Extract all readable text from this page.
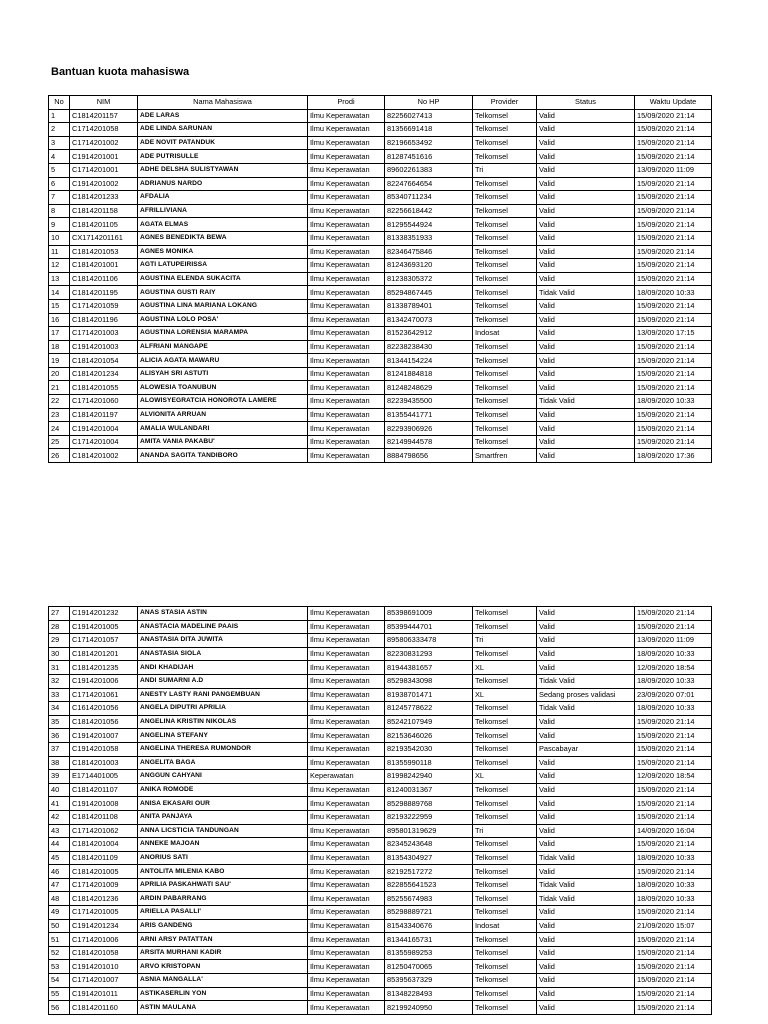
Bantuan kuota mahasiswa
No	NIM	Nama Mahasiswa	Prodi	No HP	Provider	Status	Waktu Update
1	C1814201157	ADE LARAS	Ilmu Keperawatan	82256027413	Telkomsel	Valid	15/09/2020 21:14
2	C1714201058	ADE LINDA SARUNAN	Ilmu Keperawatan	81356691418	Telkomsel	Valid	15/09/2020 21:14
3	C1714201002	ADE NOVIT PATANDUK	Ilmu Keperawatan	82196653492	Telkomsel	Valid	15/09/2020 21:14
4	C1914201001	ADE PUTRISULLE	Ilmu Keperawatan	81287451616	Telkomsel	Valid	15/09/2020 21:14
5	C1714201001	ADHE DELSHA SULISTYAWAN	Ilmu Keperawatan	89602261383	Tri	Valid	13/09/2020 11:09
6	C1914201002	ADRIANUS NARDO	Ilmu Keperawatan	82247664654	Telkomsel	Valid	15/09/2020 21:14
7	C1814201233	AFDALIA	Ilmu Keperawatan	85340711234	Telkomsel	Valid	15/09/2020 21:14
8	C1814201158	AFRILLIVIANA	Ilmu Keperawatan	82256618442	Telkomsel	Valid	15/09/2020 21:14
9	C1814201105	AGATA ELMAS	Ilmu Keperawatan	81295544924	Telkomsel	Valid	15/09/2020 21:14
10	CX1714201161	AGNES BENEDIKTA BEWA	Ilmu Keperawatan	81338351933	Telkomsel	Valid	15/09/2020 21:14
11	C1814201053	AGNES MONIKA	Ilmu Keperawatan	82346475846	Telkomsel	Valid	15/09/2020 21:14
12	C1814201001	AGTI LATUPEIRISSA	Ilmu Keperawatan	81243693120	Telkomsel	Valid	15/09/2020 21:14
13	C1814201106	AGUSTINA ELENDA SUKACITA	Ilmu Keperawatan	81238305372	Telkomsel	Valid	15/09/2020 21:14
14	C1814201195	AGUSTINA GUSTI RAIY	Ilmu Keperawatan	85294867445	Telkomsel	Tidak Valid	18/09/2020 10:33
15	C1714201059	AGUSTINA LINA MARIANA LOKANG	Ilmu Keperawatan	81338789401	Telkomsel	Valid	15/09/2020 21:14
16	C1814201196	AGUSTINA LOLO POSA'	Ilmu Keperawatan	81342470073	Telkomsel	Valid	15/09/2020 21:14
17	C1714201003	AGUSTINA LORENSIA MARAMPA	Ilmu Keperawatan	81523642912	Indosat	Valid	13/09/2020 17:15
18	C1914201003	ALFRIANI MANGAPE	Ilmu Keperawatan	82238238430	Telkomsel	Valid	15/09/2020 21:14
19	C1814201054	ALICIA AGATA MAWARU	Ilmu Keperawatan	81344154224	Telkomsel	Valid	15/09/2020 21:14
20	C1814201234	ALISYAH SRI ASTUTI	Ilmu Keperawatan	81241884818	Telkomsel	Valid	15/09/2020 21:14
21	C1814201055	ALOWESIA TOANUBUN	Ilmu Keperawatan	81248248629	Telkomsel	Valid	15/09/2020 21:14
22	C1714201060	ALOWISYEGRATCIA HONOROTA LAMERE	Ilmu Keperawatan	82239435500	Telkomsel	Tidak Valid	18/09/2020 10:33
23	C1814201197	ALVIONITA ARRUAN	Ilmu Keperawatan	81355441771	Telkomsel	Valid	15/09/2020 21:14
24	C1914201004	AMALIA WULANDARI	Ilmu Keperawatan	82293906926	Telkomsel	Valid	15/09/2020 21:14
25	C1714201004	AMITA VANIA PAKABU'	Ilmu Keperawatan	82149944578	Telkomsel	Valid	15/09/2020 21:14
26	C1814201002	ANANDA SAGITA TANDIBORO	Ilmu Keperawatan	8884798656	Smartfren	Valid	18/09/2020 17:36
27	C1914201232	ANAS STASIA ASTIN	Ilmu Keperawatan	85398691009	Telkomsel	Valid	15/09/2020 21:14
28	C1914201005	ANASTACIA MADELINE PAAIS	Ilmu Keperawatan	85399444701	Telkomsel	Valid	15/09/2020 21:14
29	C1714201057	ANASTASIA DITA JUWITA	Ilmu Keperawatan	895806333478	Tri	Valid	13/09/2020 11:09
30	C1814201201	ANASTASIA SIOLA	Ilmu Keperawatan	82230831293	Telkomsel	Valid	18/09/2020 10:33
31	C1814201235	ANDI KHADIJAH	Ilmu Keperawatan	81944381657	XL	Valid	12/09/2020 18:54
32	C1914201006	ANDI SUMARNI A.D	Ilmu Keperawatan	85298343098	Telkomsel	Tidak Valid	18/09/2020 10:33
33	C1714201061	ANESTY LASTY RANI PANGEMBUAN	Ilmu Keperawatan	81938701471	XL	Sedang proses validasi	23/09/2020 07:01
34	C1614201056	ANGELA DIPUTRI APRILIA	Ilmu Keperawatan	81245778622	Telkomsel	Tidak Valid	18/09/2020 10:33
35	C1814201056	ANGELINA KRISTIN NIKOLAS	Ilmu Keperawatan	85242107949	Telkomsel	Valid	15/09/2020 21:14
36	C1914201007	ANGELINA STEFANY	Ilmu Keperawatan	82153646026	Telkomsel	Valid	15/09/2020 21:14
37	C1914201058	ANGELINA THERESA RUMONDOR	Ilmu Keperawatan	82193542030	Telkomsel	Pascabayar	15/09/2020 21:14
38	C1814201003	ANGELITA BAGA	Ilmu Keperawatan	81355990118	Telkomsel	Valid	15/09/2020 21:14
39	E1714401005	ANGGUN CAHYANI	Keperawatan	81998242940	XL	Valid	12/09/2020 18:54
40	C1814201107	ANIKA ROMODE	Ilmu Keperawatan	81240031367	Telkomsel	Valid	15/09/2020 21:14
41	C1914201008	ANISA EKASARI OUR	Ilmu Keperawatan	85298889768	Telkomsel	Valid	15/09/2020 21:14
42	C1814201108	ANITA PANJAYA	Ilmu Keperawatan	82193222959	Telkomsel	Valid	15/09/2020 21:14
43	C1714201062	ANNA LICSTICIA TANDUNGAN	Ilmu Keperawatan	895801319629	Tri	Valid	14/09/2020 16:04
44	C1814201004	ANNEKE MAJOAN	Ilmu Keperawatan	82345243648	Telkomsel	Valid	15/09/2020 21:14
45	C1814201109	ANORIUS SATI	Ilmu Keperawatan	81354304927	Telkomsel	Tidak Valid	18/09/2020 10:33
46	C1814201005	ANTOLITA MILENIA KABO	Ilmu Keperawatan	82192517272	Telkomsel	Valid	15/09/2020 21:14
47	C1714201009	APRILIA PASKAHWATI SAU'	Ilmu Keperawatan	822855641523	Telkomsel	Tidak Valid	18/09/2020 10:33
48	C1814201236	ARDIN PABARRANG	Ilmu Keperawatan	85255674983	Telkomsel	Tidak Valid	18/09/2020 10:33
49	C1714201005	ARIELLA PASALLI'	Ilmu Keperawatan	85298889721	Telkomsel	Valid	15/09/2020 21:14
50	C1914201234	ARIS GANDENG	Ilmu Keperawatan	81543340676	Indosat	Valid	21/09/2020 15:07
51	C1714201006	ARNI ARSY PATATTAN	Ilmu Keperawatan	81344165731	Telkomsel	Valid	15/09/2020 21:14
52	C1814201058	ARSITA MURHANI KADIR	Ilmu Keperawatan	81355989253	Telkomsel	Valid	15/09/2020 21:14
53	C1914201010	ARVO KRISTOPAN	Ilmu Keperawatan	81250470065	Telkomsel	Valid	15/09/2020 21:14
54	C1714201007	ASNIA MANGALLA'	Ilmu Keperawatan	85395637329	Telkomsel	Valid	15/09/2020 21:14
55	C1914201011	ASTIKASERLIN YON	Ilmu Keperawatan	81348228493	Telkomsel	Valid	15/09/2020 21:14
56	C1814201160	ASTIN MAULANA	Ilmu Keperawatan	82199240950	Telkomsel	Valid	15/09/2020 21:14
